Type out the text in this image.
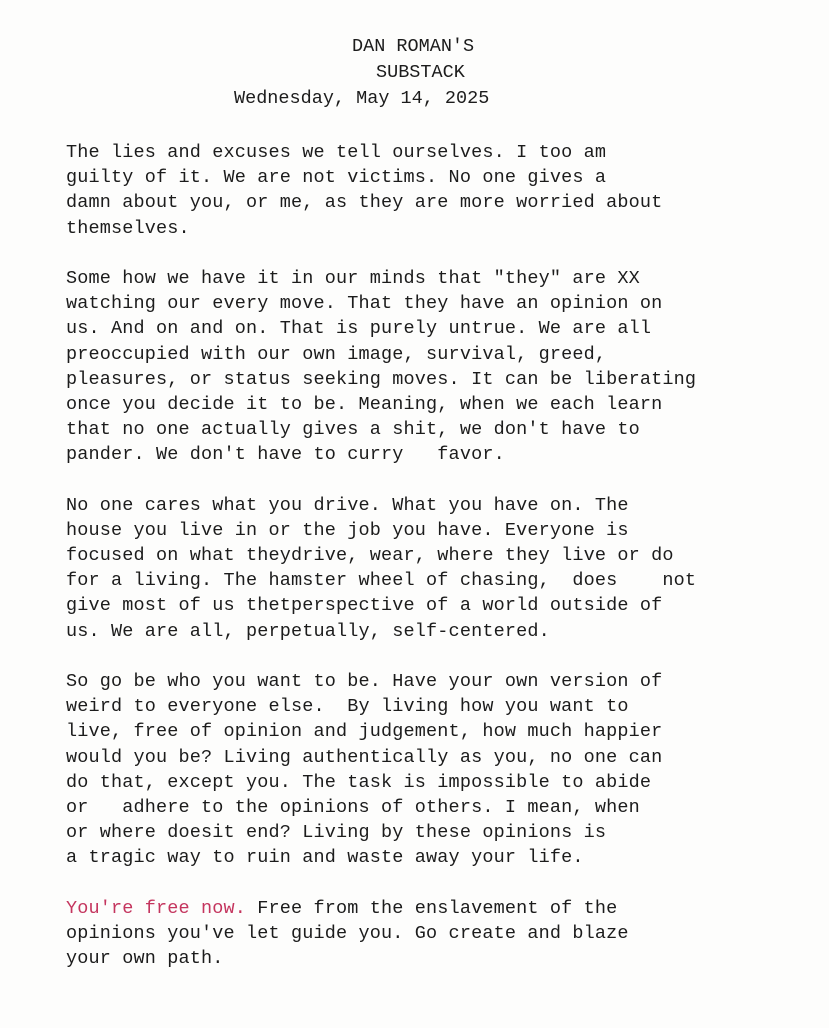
DAN ROMAN'S
SUBSTACK
Wednesday, May 14, 2025
The lies and excuses we tell ourselves. I too am
guilty of it. We are not victims. No one gives a
damn about you, or me, as they are more worried about
themselves.
Some how we have it in our minds that "they" are XX
watching our every move. That they have an opinion on
us. And on and on. That is purely untrue. We are all
preoccupied with our own image, survival, greed,
pleasures, or status seeking moves. It can be liberating
once you decide it to be. Meaning, when we each learn
that no one actually gives a shit, we don't have to
pander. We don't have to curry   favor.
No one cares what you drive. What you have on. The
house you live in or the job you have. Everyone is
focused on what theydrive, wear, where they live or do
for a living. The hamster wheel of chasing,  does    not
give most of us thetperspective of a world outside of
us. We are all, perpetually, self-centered.
So go be who you want to be. Have your own version of
weird to everyone else.  By living how you want to
live, free of opinion and judgement, how much happier
would you be? Living authentically as you, no one can
do that, except you. The task is impossible to abide
or   adhere to the opinions of others. I mean, when
or where doesit end? Living by these opinions is
a tragic way to ruin and waste away your life.
You're free now. Free from the enslavement of the
opinions you've let guide you. Go create and blaze
your own path.
